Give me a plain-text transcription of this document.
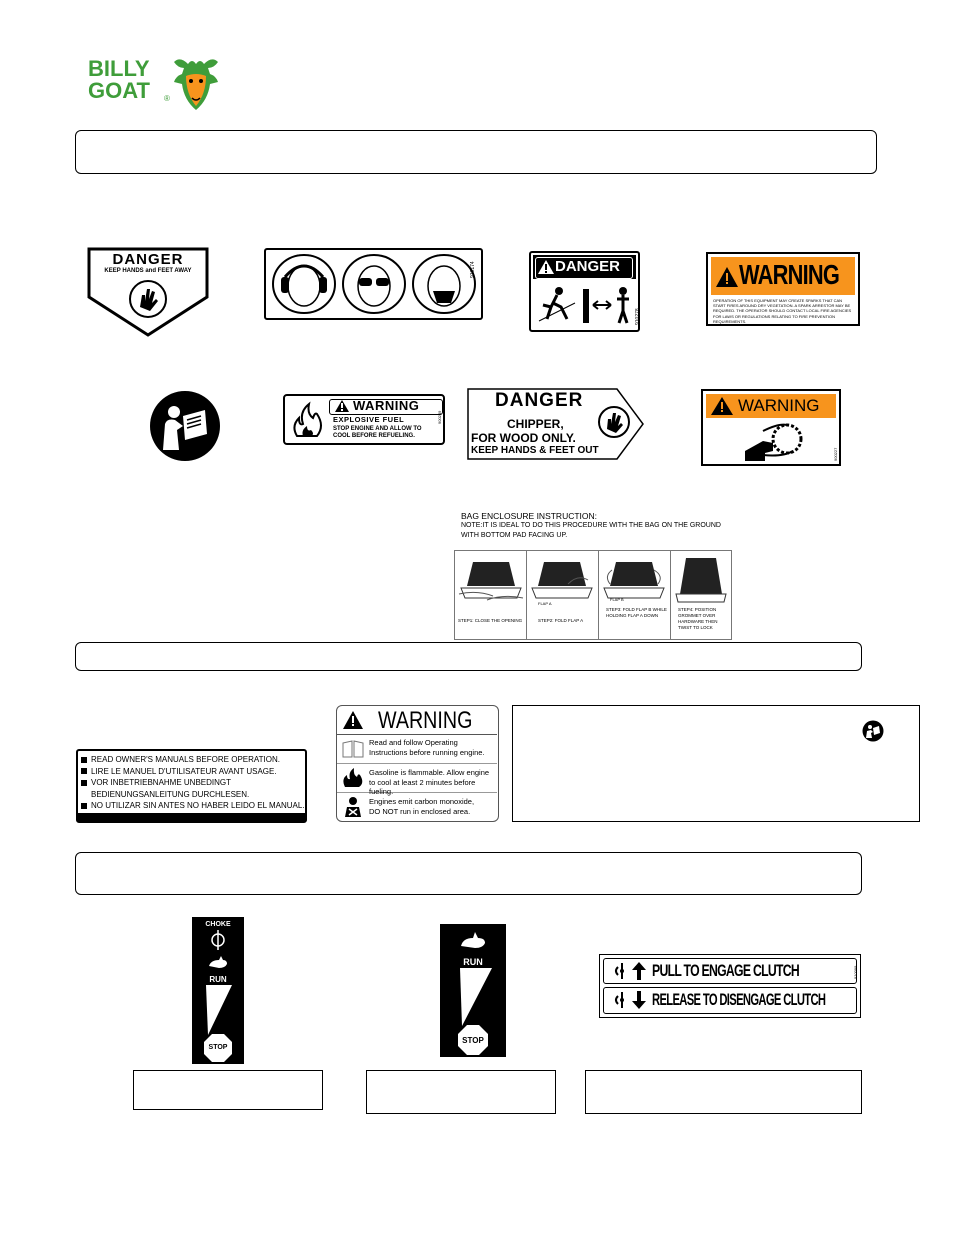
BILLY
GOAT ®
DANGER
KEEP HANDS and FEET AWAY	910174	DANGER
910278
WARNING
OPERATION OF THIS EQUIPMENT MAY CREATE SPARKS THAT CAN START FIRES AROUND DRY VEGETATION. A SPARK ARRESTOR MAY BE REQUIRED. THE OPERATOR SHOULD CONTACT LOCAL FIRE AGENCIES FOR LAWS OR REGULATIONS RELATING TO FIRE PREVENTION REQUIREMENTS.
WARNING
EXPLOSIVE FUEL
STOP ENGINE AND ALLOW TO
COOL BEFORE REFUELING.
900249
DANGER
CHIPPER,
FOR WOOD ONLY.
KEEP HANDS & FEET OUT
WARNING
900227
BAG ENCLOSURE INSTRUCTION:
NOTE:IT IS IDEAL TO DO THIS PROCEDURE WITH THE BAG ON THE GROUND
WITH BOTTOM PAD FACING UP.
STEP1: CLOSE THE OPENING
FLAP A
STEP2: FOLD FLAP A
FLAP B
STEP3: FOLD FLAP B WHILE HOLDING FLAP A DOWN
STEP4: POSITION GROMMET OVER HARDWARE THEN TWIST TO LOCK
READ OWNER'S MANUALS BEFORE OPERATION.
LIRE LE MANUEL D'UTILISATEUR AVANT USAGE.
VOR INBETRIEBNAHME UNBEDINGT
BEDIENUNGSANLEITUNG DURCHLESEN.
NO UTILIZAR SIN ANTES NO HABER LEIDO EL MANUAL.
WARNING
Read and follow Operating
Instructions before running engine.
Gasoline is flammable. Allow engine
to cool at least 2 minutes before fueling.
Engines emit carbon monoxide,
DO NOT run in enclosed area.
CHOKE
RUN
STOP
RUN
STOP
PULL TO ENGAGE CLUTCH
RELEASE TO DISENGAGE CLUTCH
910099
